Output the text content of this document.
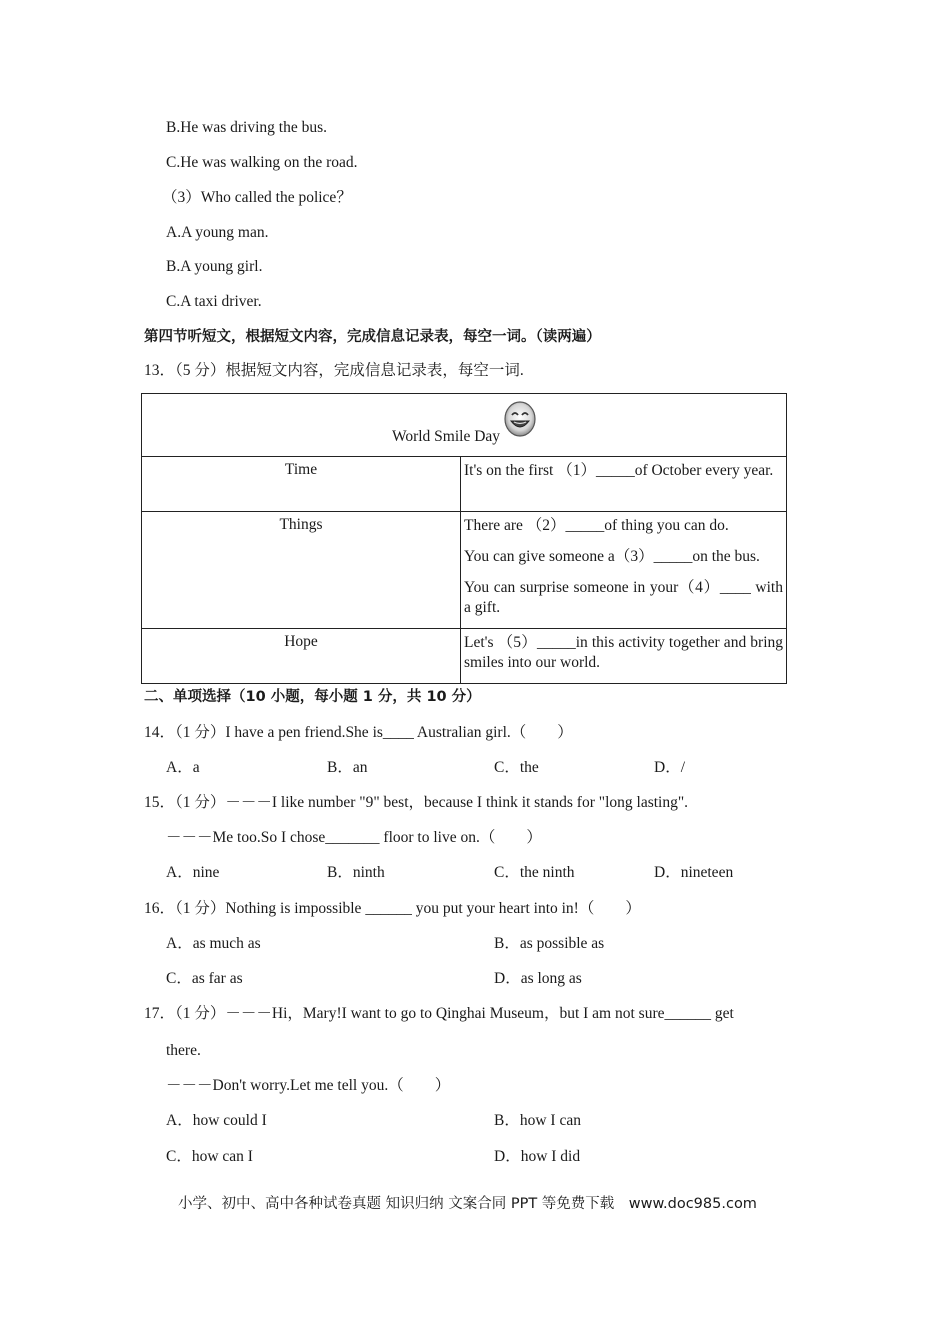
B.He was driving the bus.
C.He was walking on the road.
（3）Who called the police？
A.A young man.
B.A young girl.
C.A taxi driver.
第四节听短文，根据短文内容，完成信息记录表，每空一词。（读两遍）
13．（5 分）根据短文内容，完成信息记录表，每空一词.
World Smile Day	
Time	It's on the first （1）_____of October every year.

Things	There are （2）_____of thing you can do.

You can give someone a（3）_____on the bus.

You can surprise someone in your（4）____ with a gift.

Hope	Let's （5）_____in this activity together and bring smiles into our world.

二、单项选择（10 小题，每小题 1 分，共 10 分）
14．（1 分）I have a pen friend.She is____ Australian girl.（　　）
A．a	B．an	C．the	D．/
15．（1 分）－－－I like number "9" best，because I think it stands for "long lasting".
－－－Me too.So I chose_______ floor to live on.（　　）
A．nine	B．ninth	C．the ninth	D．nineteen
16．（1 分）Nothing is impossible ______ you put your heart into in!（　　）
A．as much as	B．as possible as
C．as far as	D．as long as
17．（1 分）－－－Hi，Mary!I want to go to Qinghai Museum，but I am not sure______ get
there.
－－－Don't worry.Let me tell you.（　　）
A．how could I	B．how I can
C．how can I	D．how I did
小学、初中、高中各种试卷真题 知识归纳 文案合同 PPT 等免费下载　www.doc985.com
